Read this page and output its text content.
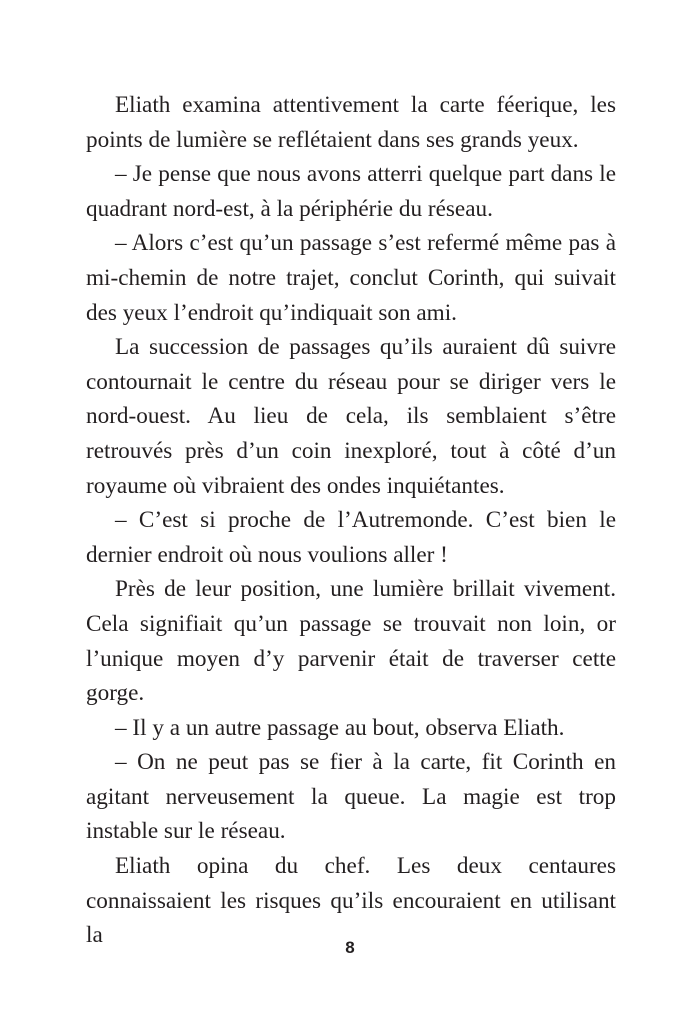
Eliath examina attentivement la carte féerique, les points de lumière se reflétaient dans ses grands yeux.

– Je pense que nous avons atterri quelque part dans le quadrant nord-est, à la périphérie du réseau.

– Alors c’est qu’un passage s’est refermé même pas à mi-chemin de notre trajet, conclut Corinth, qui suivait des yeux l’endroit qu’indiquait son ami.

La succession de passages qu’ils auraient dû suivre contournait le centre du réseau pour se diriger vers le nord-ouest. Au lieu de cela, ils semblaient s’être retrouvés près d’un coin inexploré, tout à côté d’un royaume où vibraient des ondes inquiétantes.

– C’est si proche de l’Autremonde. C’est bien le dernier endroit où nous voulions aller !

Près de leur position, une lumière brillait vivement. Cela signifiait qu’un passage se trouvait non loin, or l’unique moyen d’y parvenir était de traverser cette gorge.

– Il y a un autre passage au bout, observa Eliath.

– On ne peut pas se fier à la carte, fit Corinth en agitant nerveusement la queue. La magie est trop instable sur le réseau.

Eliath opina du chef. Les deux centaures connaissaient les risques qu’ils encouraient en utilisant la	8
